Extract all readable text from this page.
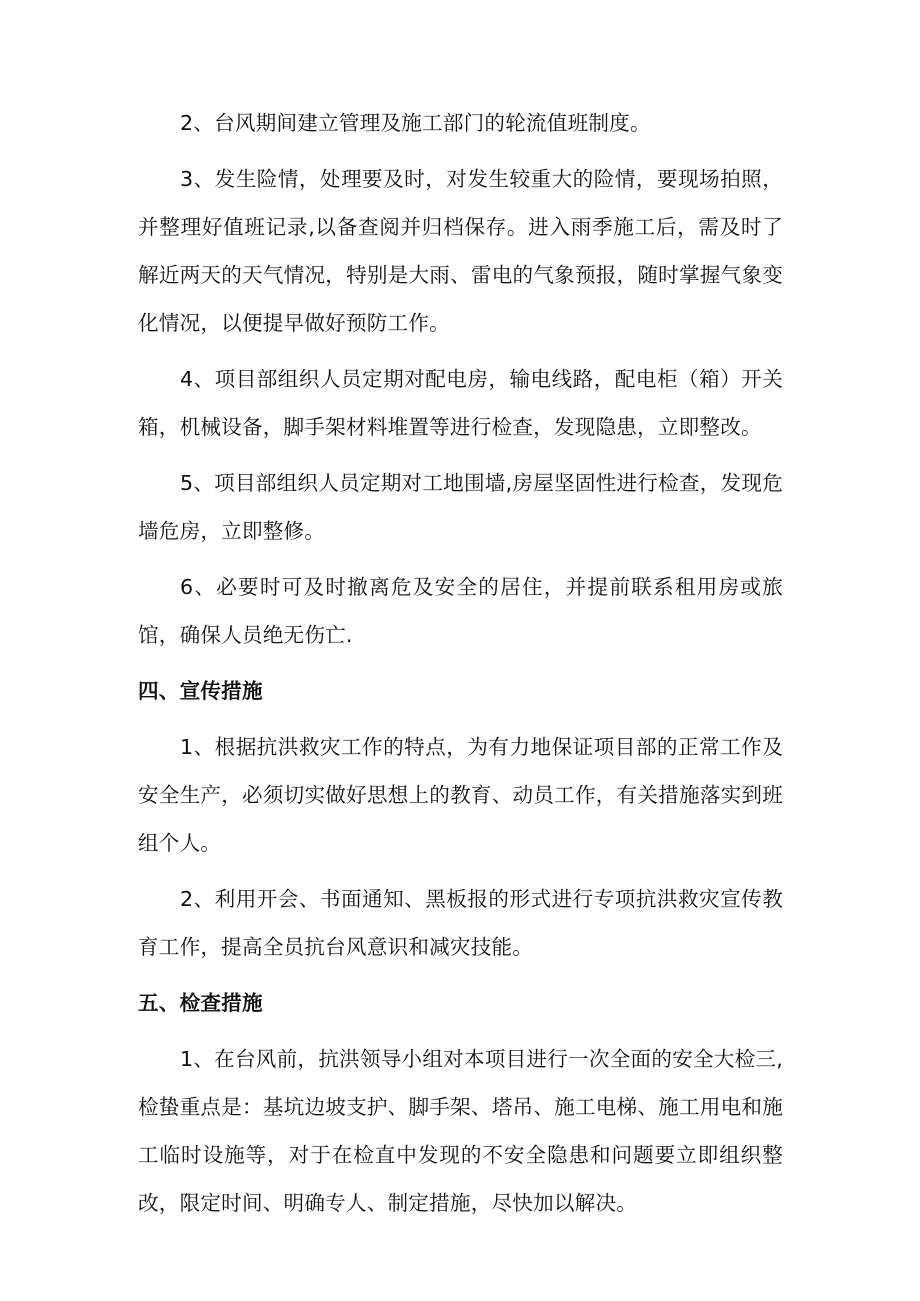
2、台风期间建立管理及施工部门的轮流值班制度。

3、发生险情，处理要及时，对发生较重大的险情，要现场拍照，并整理好值班记录,以备查阅并归档保存。进入雨季施工后，需及时了解近两天的天气情况，特别是大雨、雷电的气象预报，随时掌握气象变化情况，以便提早做好预防工作。

4、项目部组织人员定期对配电房，输电线路，配电柜（箱）开关箱，机械设备，脚手架材料堆置等进行检查，发现隐患，立即整改。

5、项目部组织人员定期对工地围墙,房屋坚固性进行检查，发现危墙危房，立即整修。

6、必要时可及时撤离危及安全的居住，并提前联系租用房或旅馆，确保人员绝无伤亡.

四、宣传措施

1、根据抗洪救灾工作的特点，为有力地保证项目部的正常工作及安全生产，必须切实做好思想上的教育、动员工作，有关措施落实到班组个人。

2、利用开会、书面通知、黑板报的形式进行专项抗洪救灾宣传教育工作，提高全员抗台风意识和减灾技能。

五、检查措施

1、在台风前，抗洪领导小组对本项目进行一次全面的安全大检三,检蛰重点是：基坑边坡支护、脚手架、塔吊、施工电梯、施工用电和施工临时设施等，对于在检直中发现的不安全隐患和问题要立即组织整改，限定时间、明确专人、制定措施，尽快加以解决。
